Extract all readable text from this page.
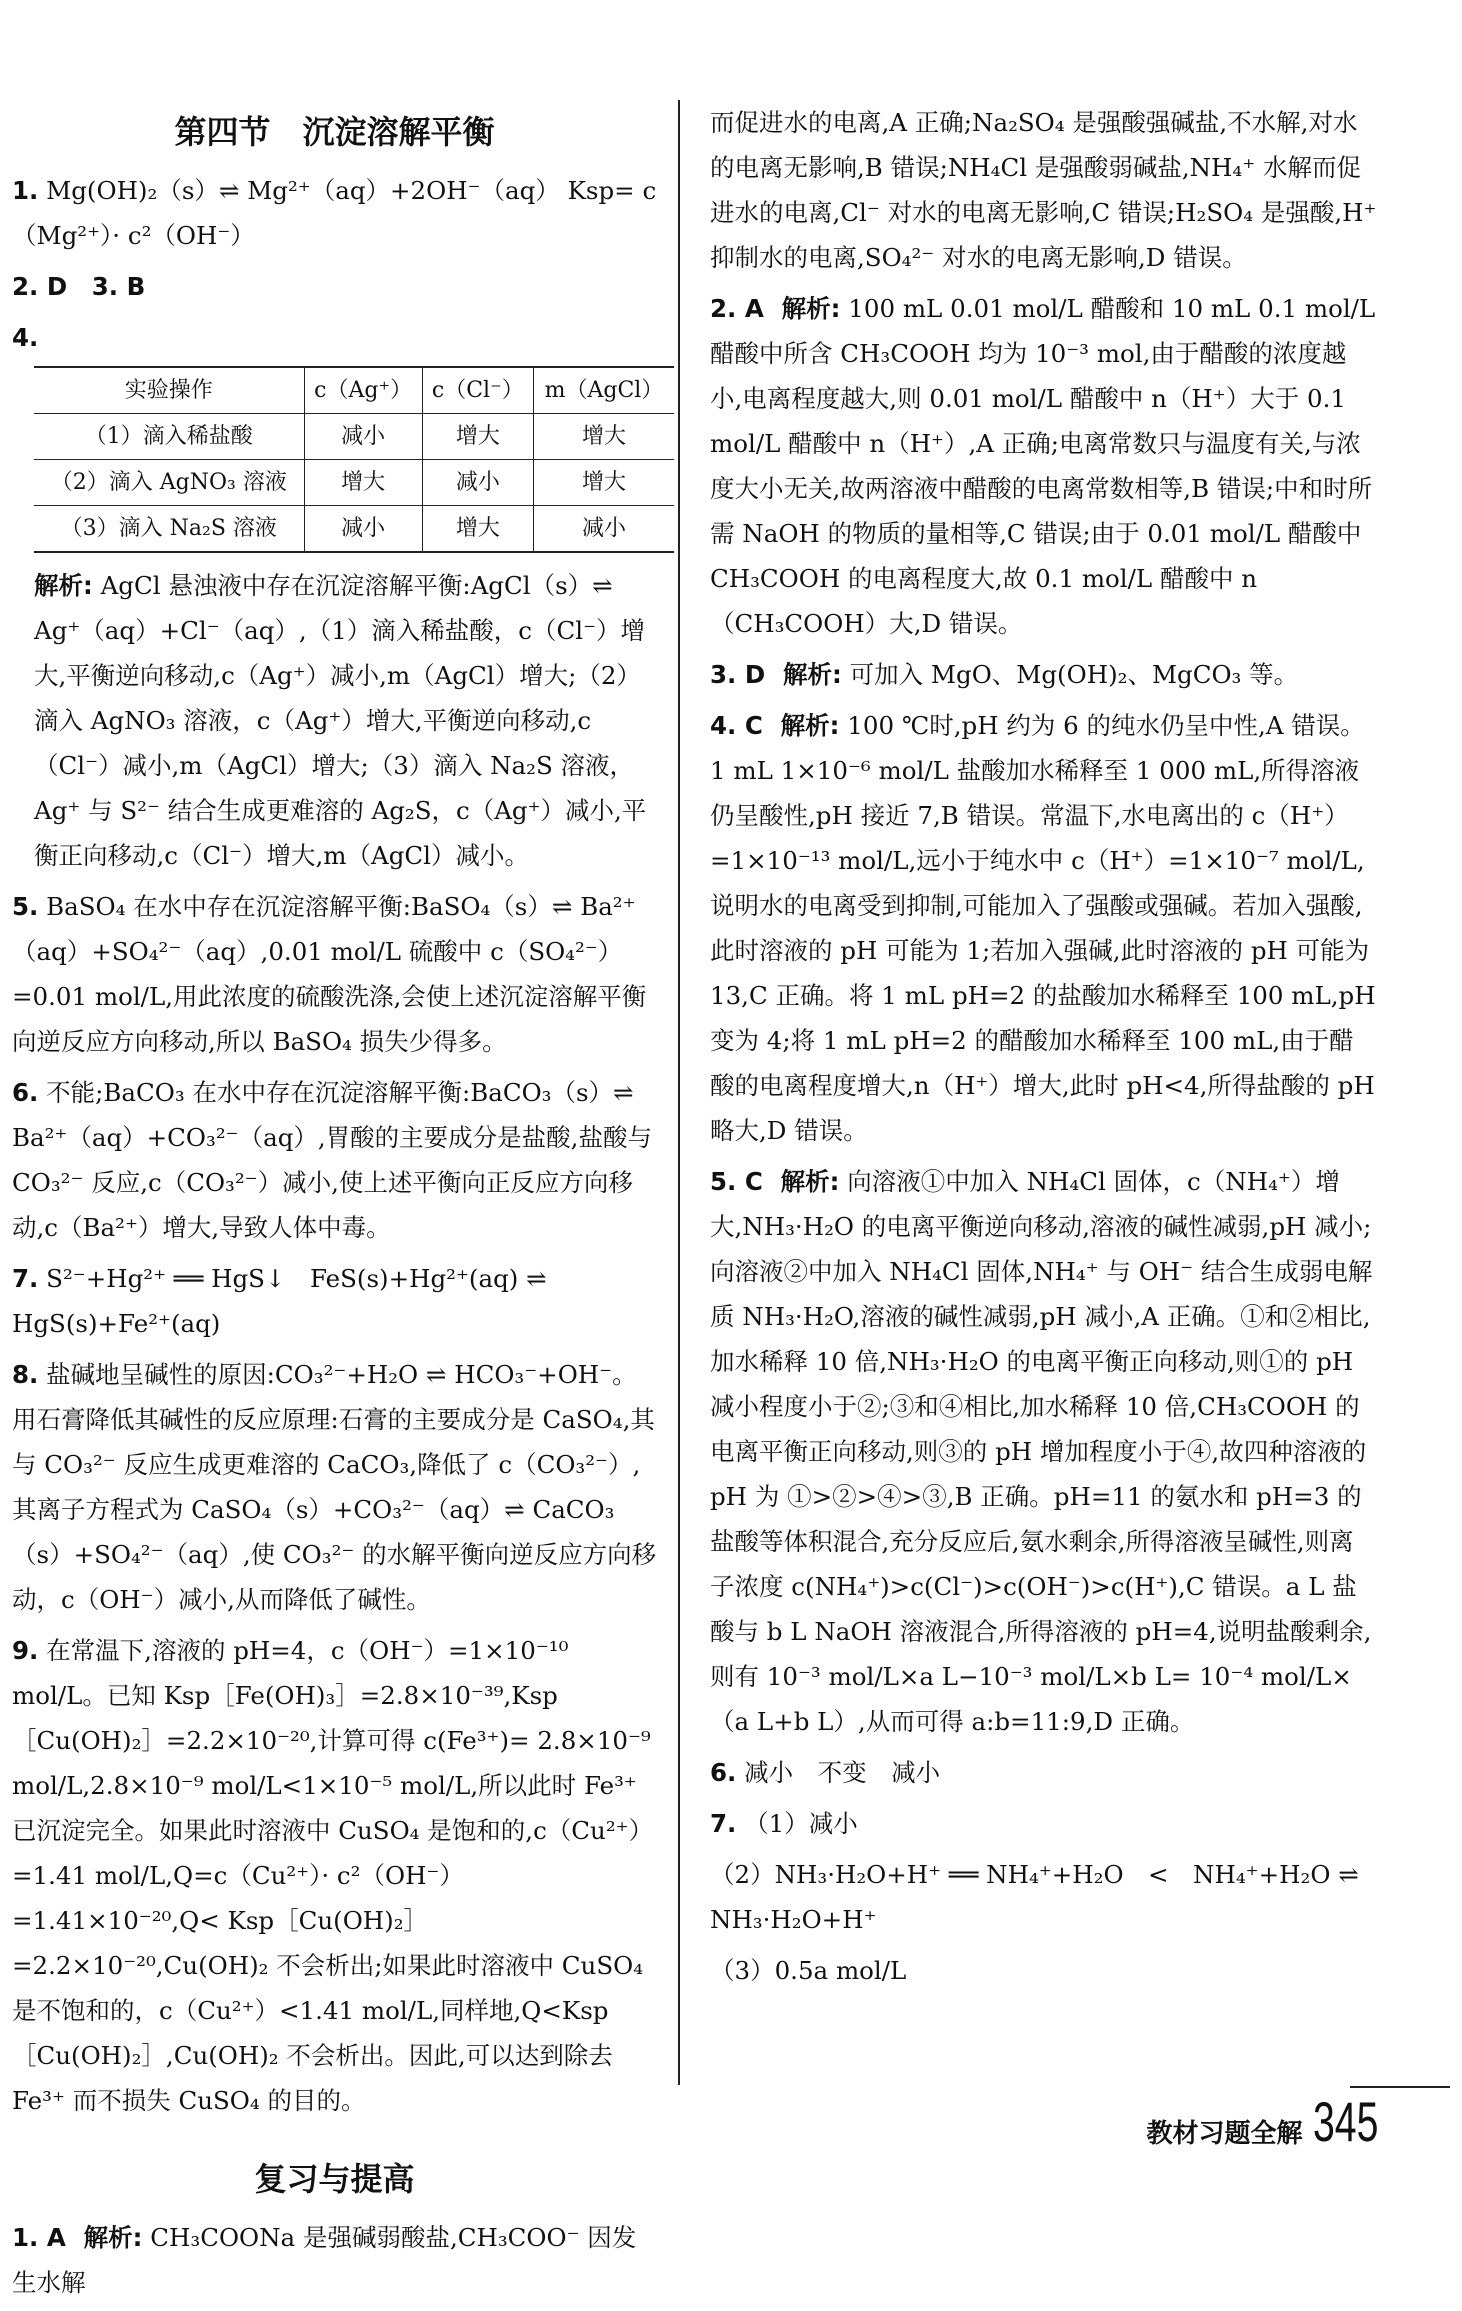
第四节　沉淀溶解平衡
1. Mg(OH)₂（s）⇌ Mg²⁺（aq）+2OH⁻（aq） Ksp= c（Mg²⁺）· c²（OH⁻）
2. D　3. B
4.
实验操作	c（Ag⁺）	c（Cl⁻）	m（AgCl）
（1）滴入稀盐酸	减小	增大	增大
（2）滴入 AgNO₃ 溶液	增大	减小	增大
（3）滴入 Na₂S 溶液	减小	增大	减小
解析: AgCl 悬浊液中存在沉淀溶解平衡:AgCl（s）⇌ Ag⁺（aq）+Cl⁻（aq）,（1）滴入稀盐酸，c（Cl⁻）增大,平衡逆向移动,c（Ag⁺）减小,m（AgCl）增大;（2）滴入 AgNO₃ 溶液，c（Ag⁺）增大,平衡逆向移动,c（Cl⁻）减小,m（AgCl）增大;（3）滴入 Na₂S 溶液，Ag⁺ 与 S²⁻ 结合生成更难溶的 Ag₂S，c（Ag⁺）减小,平衡正向移动,c（Cl⁻）增大,m（AgCl）减小。
5. BaSO₄ 在水中存在沉淀溶解平衡:BaSO₄（s）⇌ Ba²⁺（aq）+SO₄²⁻（aq）,0.01 mol/L 硫酸中 c（SO₄²⁻）=0.01 mol/L,用此浓度的硫酸洗涤,会使上述沉淀溶解平衡向逆反应方向移动,所以 BaSO₄ 损失少得多。
6. 不能;BaCO₃ 在水中存在沉淀溶解平衡:BaCO₃（s）⇌ Ba²⁺（aq）+CO₃²⁻（aq）,胃酸的主要成分是盐酸,盐酸与 CO₃²⁻ 反应,c（CO₃²⁻）减小,使上述平衡向正反应方向移动,c（Ba²⁺）增大,导致人体中毒。
7. S²⁻+Hg²⁺ ══ HgS↓　FeS(s)+Hg²⁺(aq) ⇌ HgS(s)+Fe²⁺(aq)
8. 盐碱地呈碱性的原因:CO₃²⁻+H₂O ⇌ HCO₃⁻+OH⁻。用石膏降低其碱性的反应原理:石膏的主要成分是 CaSO₄,其与 CO₃²⁻ 反应生成更难溶的 CaCO₃,降低了 c（CO₃²⁻）,其离子方程式为 CaSO₄（s）+CO₃²⁻（aq）⇌ CaCO₃（s）+SO₄²⁻（aq）,使 CO₃²⁻ 的水解平衡向逆反应方向移动，c（OH⁻）减小,从而降低了碱性。
9. 在常温下,溶液的 pH=4，c（OH⁻）=1×10⁻¹⁰ mol/L。已知 Ksp［Fe(OH)₃］=2.8×10⁻³⁹,Ksp［Cu(OH)₂］=2.2×10⁻²⁰,计算可得 c(Fe³⁺)= 2.8×10⁻⁹ mol/L,2.8×10⁻⁹ mol/L<1×10⁻⁵ mol/L,所以此时 Fe³⁺ 已沉淀完全。如果此时溶液中 CuSO₄ 是饱和的,c（Cu²⁺）=1.41 mol/L,Q=c（Cu²⁺）· c²（OH⁻）=1.41×10⁻²⁰,Q< Ksp［Cu(OH)₂］=2.2×10⁻²⁰,Cu(OH)₂ 不会析出;如果此时溶液中 CuSO₄ 是不饱和的，c（Cu²⁺）<1.41 mol/L,同样地,Q<Ksp［Cu(OH)₂］,Cu(OH)₂ 不会析出。因此,可以达到除去 Fe³⁺ 而不损失 CuSO₄ 的目的。
复习与提高
1. A 解析: CH₃COONa 是强碱弱酸盐,CH₃COO⁻ 因发生水解
而促进水的电离,A 正确;Na₂SO₄ 是强酸强碱盐,不水解,对水的电离无影响,B 错误;NH₄Cl 是强酸弱碱盐,NH₄⁺ 水解而促进水的电离,Cl⁻ 对水的电离无影响,C 错误;H₂SO₄ 是强酸,H⁺ 抑制水的电离,SO₄²⁻ 对水的电离无影响,D 错误。
2. A 解析: 100 mL 0.01 mol/L 醋酸和 10 mL 0.1 mol/L 醋酸中所含 CH₃COOH 均为 10⁻³ mol,由于醋酸的浓度越小,电离程度越大,则 0.01 mol/L 醋酸中 n（H⁺）大于 0.1 mol/L 醋酸中 n（H⁺）,A 正确;电离常数只与温度有关,与浓度大小无关,故两溶液中醋酸的电离常数相等,B 错误;中和时所需 NaOH 的物质的量相等,C 错误;由于 0.01 mol/L 醋酸中 CH₃COOH 的电离程度大,故 0.1 mol/L 醋酸中 n（CH₃COOH）大,D 错误。
3. D 解析: 可加入 MgO、Mg(OH)₂、MgCO₃ 等。
4. C 解析: 100 ℃时,pH 约为 6 的纯水仍呈中性,A 错误。1 mL 1×10⁻⁶ mol/L 盐酸加水稀释至 1 000 mL,所得溶液仍呈酸性,pH 接近 7,B 错误。常温下,水电离出的 c（H⁺）=1×10⁻¹³ mol/L,远小于纯水中 c（H⁺）=1×10⁻⁷ mol/L,说明水的电离受到抑制,可能加入了强酸或强碱。若加入强酸,此时溶液的 pH 可能为 1;若加入强碱,此时溶液的 pH 可能为 13,C 正确。将 1 mL pH=2 的盐酸加水稀释至 100 mL,pH 变为 4;将 1 mL pH=2 的醋酸加水稀释至 100 mL,由于醋酸的电离程度增大,n（H⁺）增大,此时 pH<4,所得盐酸的 pH 略大,D 错误。
5. C 解析: 向溶液①中加入 NH₄Cl 固体，c（NH₄⁺）增大,NH₃·H₂O 的电离平衡逆向移动,溶液的碱性减弱,pH 减小;向溶液②中加入 NH₄Cl 固体,NH₄⁺ 与 OH⁻ 结合生成弱电解质 NH₃·H₂O,溶液的碱性减弱,pH 减小,A 正确。①和②相比,加水稀释 10 倍,NH₃·H₂O 的电离平衡正向移动,则①的 pH 减小程度小于②;③和④相比,加水稀释 10 倍,CH₃COOH 的电离平衡正向移动,则③的 pH 增加程度小于④,故四种溶液的 pH 为 ①>②>④>③,B 正确。pH=11 的氨水和 pH=3 的盐酸等体积混合,充分反应后,氨水剩余,所得溶液呈碱性,则离子浓度 c(NH₄⁺)>c(Cl⁻)>c(OH⁻)>c(H⁺),C 错误。a L 盐酸与 b L NaOH 溶液混合,所得溶液的 pH=4,说明盐酸剩余,则有 10⁻³ mol/L×a L−10⁻³ mol/L×b L= 10⁻⁴ mol/L×（a L+b L）,从而可得 a:b=11:9,D 正确。
6. 减小　不变　减小
7. （1）减小
（2）NH₃·H₂O+H⁺ ══ NH₄⁺+H₂O　<　NH₄⁺+H₂O ⇌ NH₃·H₂O+H⁺
（3）0.5a mol/L
教材习题全解 345
